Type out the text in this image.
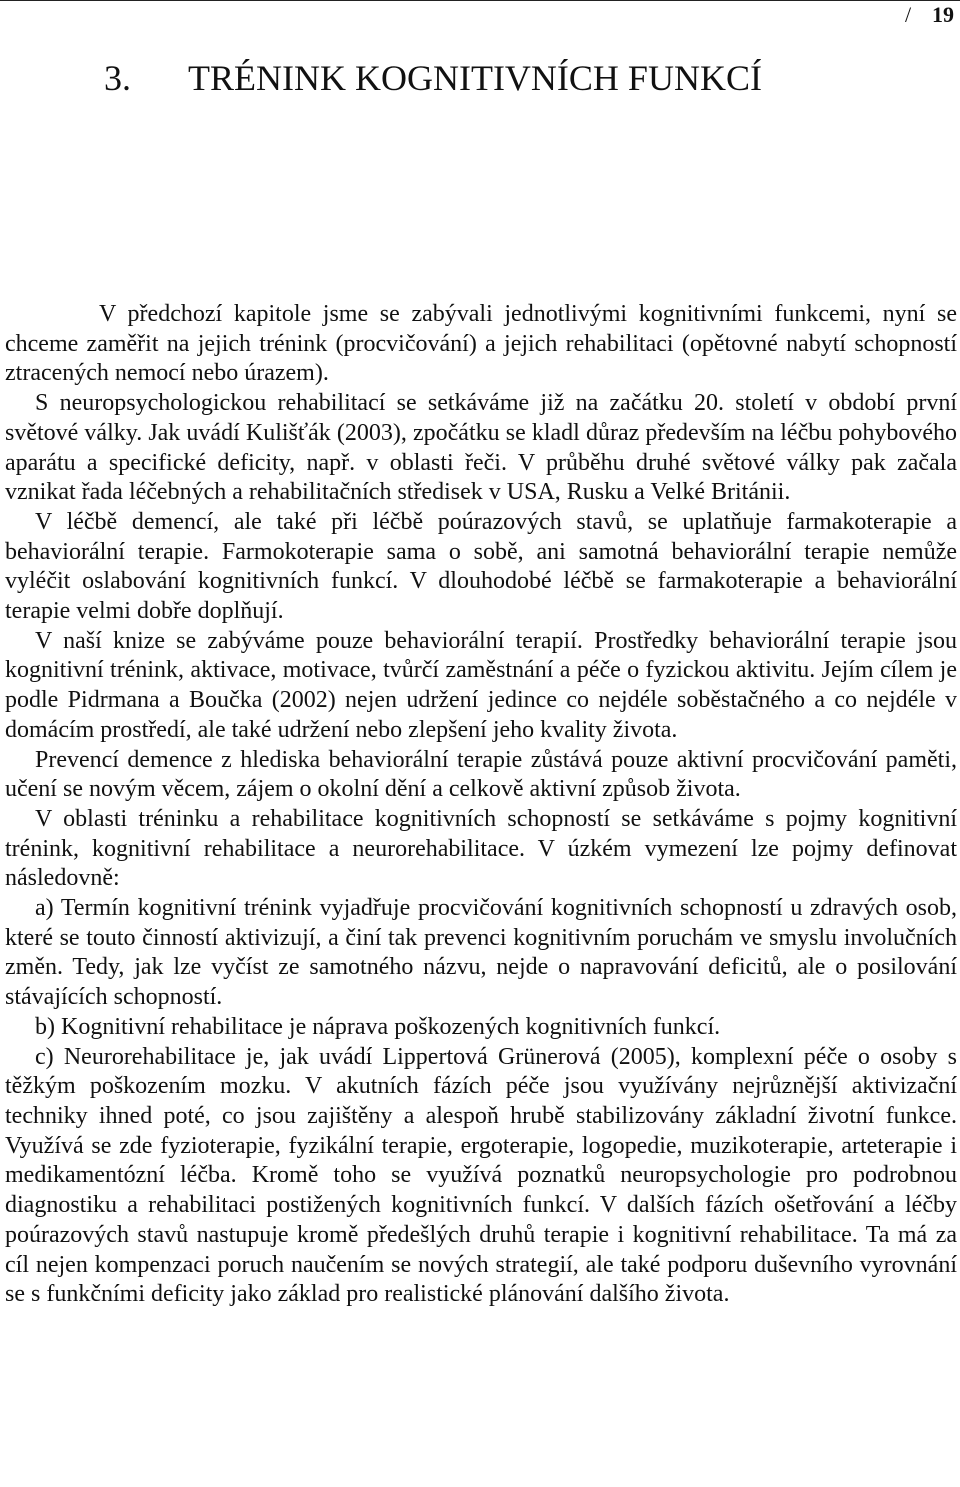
/ 19
3. TRÉNINK KOGNITIVNÍCH FUNKCÍ

V předchozí kapitole jsme se zabývali jednotlivými kognitivními funkcemi, nyní se chceme zaměřit na jejich trénink (procvičování) a jejich rehabilitaci (opětovné nabytí schopností ztracených nemocí nebo úrazem).

S neuropsychologickou rehabilitací se setkáváme již na začátku 20. století v období první světové války. Jak uvádí Kulišťák (2003), zpočátku se kladl důraz především na léčbu pohybového aparátu a specifické deficity, např. v oblasti řeči. V průběhu druhé světové války pak začala vznikat řada léčebných a rehabilitačních středisek v USA, Rusku a Velké Británii.

V léčbě demencí, ale také při léčbě poúrazových stavů, se uplatňuje farmakoterapie a behaviorální terapie. Farmokoterapie sama o sobě, ani samotná behaviorální terapie nemůže vyléčit oslabování kognitivních funkcí. V dlouhodobé léčbě se farmakoterapie a behaviorální terapie velmi dobře doplňují.

V naší knize se zabýváme pouze behaviorální terapií. Prostředky behaviorální terapie jsou kognitivní trénink, aktivace, motivace, tvůrčí zaměstnání a péče o fyzickou aktivitu. Jejím cílem je podle Pidrmana a Boučka (2002) nejen udržení jedince co nejdéle soběstačného a co nejdéle v domácím prostředí, ale také udržení nebo zlepšení jeho kvality života.

Prevencí demence z hlediska behaviorální terapie zůstává pouze aktivní procvičování paměti, učení se novým věcem, zájem o okolní dění a celkově aktivní způsob života.

V oblasti tréninku a rehabilitace kognitivních schopností se setkáváme s pojmy kognitivní trénink, kognitivní rehabilitace a neurorehabilitace. V úzkém vymezení lze pojmy definovat následovně:

a) Termín kognitivní trénink vyjadřuje procvičování kognitivních schopností u zdravých osob, které se touto činností aktivizují, a činí tak prevenci kognitivním poruchám ve smyslu involučních změn. Tedy, jak lze vyčíst ze samotného názvu, nejde o napravování deficitů, ale o posilování stávajících schopností.

b) Kognitivní rehabilitace je náprava poškozených kognitivních funkcí.

c) Neurorehabilitace je, jak uvádí Lippertová Grünerová (2005), komplexní péče o osoby s těžkým poškozením mozku. V akutních fázích péče jsou využívány nejrůznější aktivizační techniky ihned poté, co jsou zajištěny a alespoň hrubě stabilizovány základní životní funkce. Využívá se zde fyzioterapie, fyzikální terapie, ergoterapie, logopedie, muzikoterapie, arteterapie i medikamentózní léčba. Kromě toho se využívá poznatků neuropsychologie pro podrobnou diagnostiku a rehabilitaci postižených kognitivních funkcí. V dalších fázích ošetřování a léčby poúrazových stavů nastupuje kromě předešlých druhů terapie i kognitivní rehabilitace. Ta má za cíl nejen kompenzaci poruch naučením se nových strategií, ale také podporu duševního vyrovnání se s funkčními deficity jako základ pro realistické plánování dalšího života.
